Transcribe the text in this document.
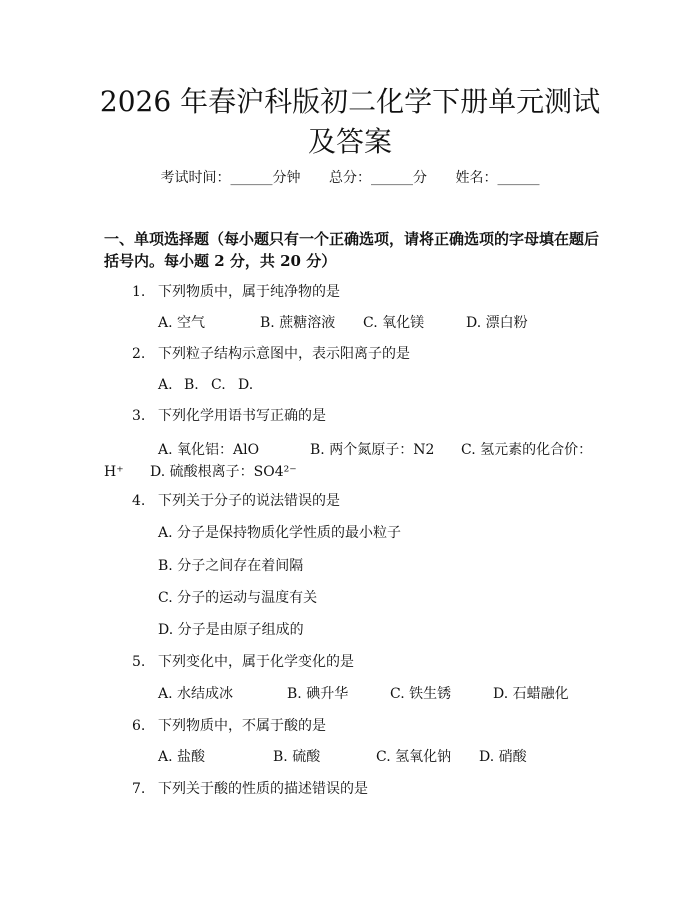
2026 年春沪科版初二化学下册单元测试及答案
考试时间：______分钟 总分：______分 姓名：______
一、单项选择题（每小题只有一个正确选项，请将正确选项的字母填在题后括号内。每小题 2 分，共 20 分）
1. 下列物质中，属于纯净物的是
A. 空气	B. 蔗糖溶液 C. 氧化镁	D. 漂白粉
2. 下列粒子结构示意图中，表示阳离子的是
A. B. C. D.
3. 下列化学用语书写正确的是
A. 氧化铝：AlO	B. 两个氮原子：N2 C. 氢元素的化合价：
H⁺ D. 硫酸根离子：SO4²⁻
4. 下列关于分子的说法错误的是
A. 分子是保持物质化学性质的最小粒子
B. 分子之间存在着间隔
C. 分子的运动与温度有关
D. 分子是由原子组成的
5. 下列变化中，属于化学变化的是
A. 水结成冰	B. 碘升华	C. 铁生锈	D. 石蜡融化
6. 下列物质中，不属于酸的是
A. 盐酸	B. 硫酸	C. 氢氧化钠 D. 硝酸
7. 下列关于酸的性质的描述错误的是
